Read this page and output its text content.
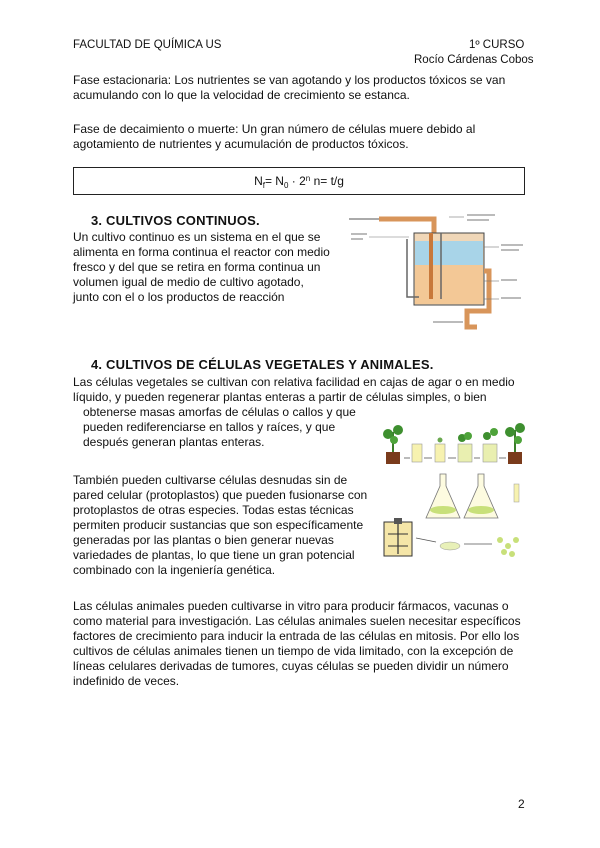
FACULTAD DE QUÍMICA US	1º CURSO
Rocío Cárdenas Cobos
Fase estacionaria: Los nutrientes se van agotando y los productos tóxicos se van acumulando con lo que la velocidad de crecimiento se estanca.
Fase de decaimiento o muerte: Un gran número de células muere debido al agotamiento de nutrientes y acumulación de productos tóxicos.
$N_f= N_0 \cdot 2^n$ n= t/g
3. CULTIVOS CONTINUOS.
Un cultivo continuo es un sistema en el que se
alimenta en forma continua el reactor con medio
fresco y del que se retira en forma continua un
volumen igual de medio de cultivo agotado,
junto con el o los productos de reacción
4. CULTIVOS DE CÉLULAS VEGETALES Y ANIMALES.
Las células vegetales se cultivan con relativa facilidad en cajas de agar o en medio
líquido, y pueden regenerar plantas enteras a partir de células simples, o bien
obtenerse masas amorfas de células o callos y que
pueden rediferenciarse en tallos y raíces, y que
después generan plantas enteras.
También pueden cultivarse células desnudas sin de
pared celular (protoplastos) que pueden fusionarse con
protoplastos de otras especies. Todas estas técnicas
permiten producir sustancias que son específicamente
generadas por las plantas o bien generar nuevas
variedades de plantas, lo que tiene un gran potencial
combinado con la ingeniería genética.
Las células animales pueden cultivarse in vitro para producir fármacos, vacunas o
como material para investigación. Las células animales suelen necesitar específicos
factores de crecimiento para inducir la entrada de las células en mitosis. Por ello los
cultivos de células animales tienen un tiempo de vida limitado, con la excepción de
líneas celulares derivadas de tumores, cuyas células se pueden dividir un número
indefinido de veces.
2
